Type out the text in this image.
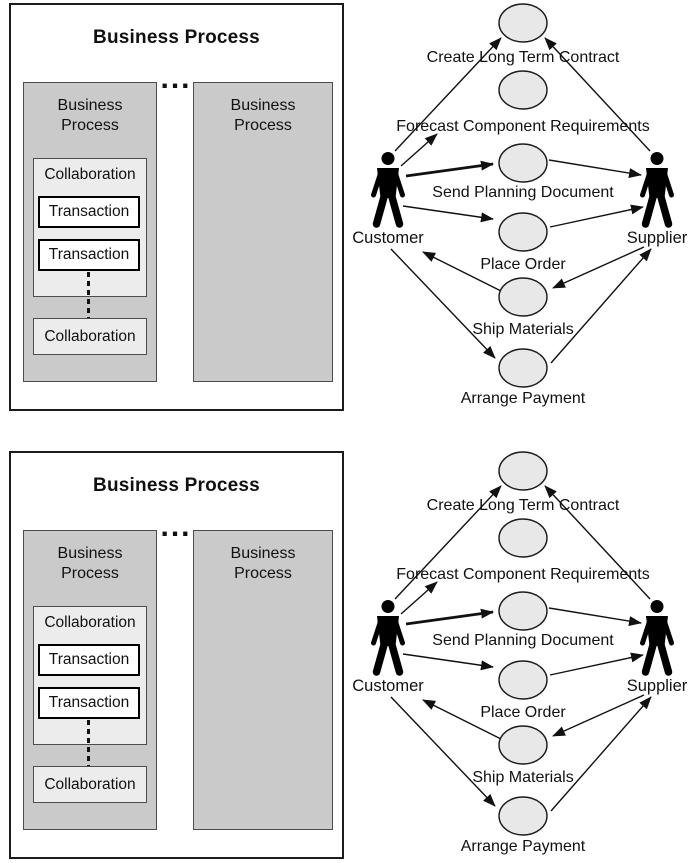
Business Process
Business Process
Business Process
...
Collaboration
Transaction
Transaction
Collaboration
Create Long Term Contract
Forecast Component Requirements
Send Planning Document
Place Order
Ship Materials
Arrange Payment
Customer	Supplier
Business Process
Business Process
Business Process
...
Collaboration
Transaction
Transaction
Collaboration
Create Long Term Contract
Forecast Component Requirements
Send Planning Document
Place Order
Ship Materials
Arrange Payment
Customer	Supplier
